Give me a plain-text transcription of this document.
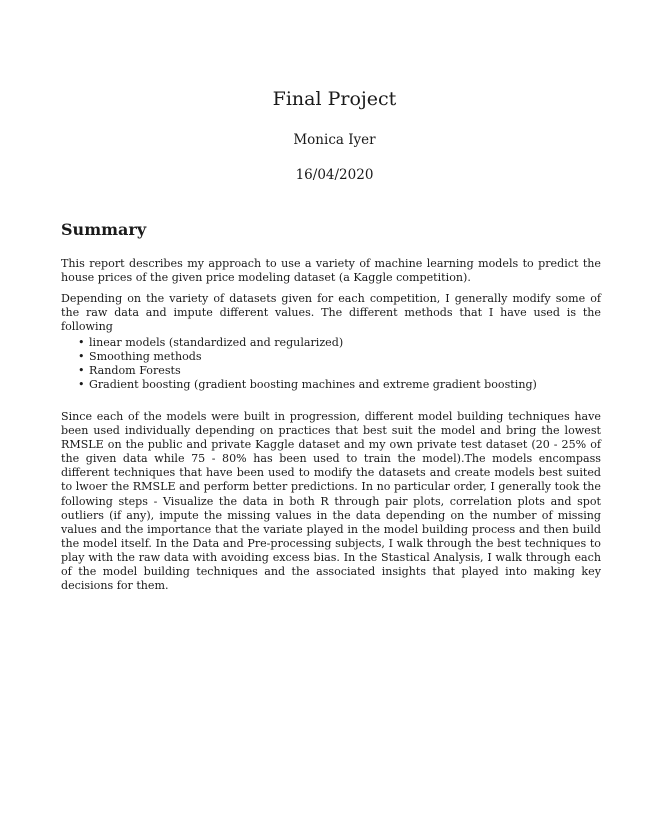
Final Project
Monica Iyer
16/04/2020
Summary

This report describes my approach to use a variety of machine learning models to predict the house prices of the given price modeling dataset (a Kaggle competition).

Depending on the variety of datasets given for each competition, I generally modify some of the raw data and impute different values. The different methods that I have used is the following

• linear models (standardized and regularized)
• Smoothing methods
• Random Forests
• Gradient boosting (gradient boosting machines and extreme gradient boosting)

Since each of the models were built in progression, different model building techniques have been used individually depending on practices that best suit the model and bring the lowest RMSLE on the public and private Kaggle dataset and my own private test dataset (20 - 25% of the given data while 75 - 80% has been used to train the model).The models encompass different techniques that have been used to modify the datasets and create models best suited to lwoer the RMSLE and perform better predictions. In no particular order, I generally took the following steps - Visualize the data in both R through pair plots, correlation plots and spot outliers (if any), impute the missing values in the data depending on the number of missing values and the importance that the variate played in the model building process and then build the model itself. In the Data and Pre-processing subjects, I walk through the best techniques to play with the raw data with avoiding excess bias. In the Stastical Analysis, I walk through each of the model building techniques and the associated insights that played into making key decisions for them.
